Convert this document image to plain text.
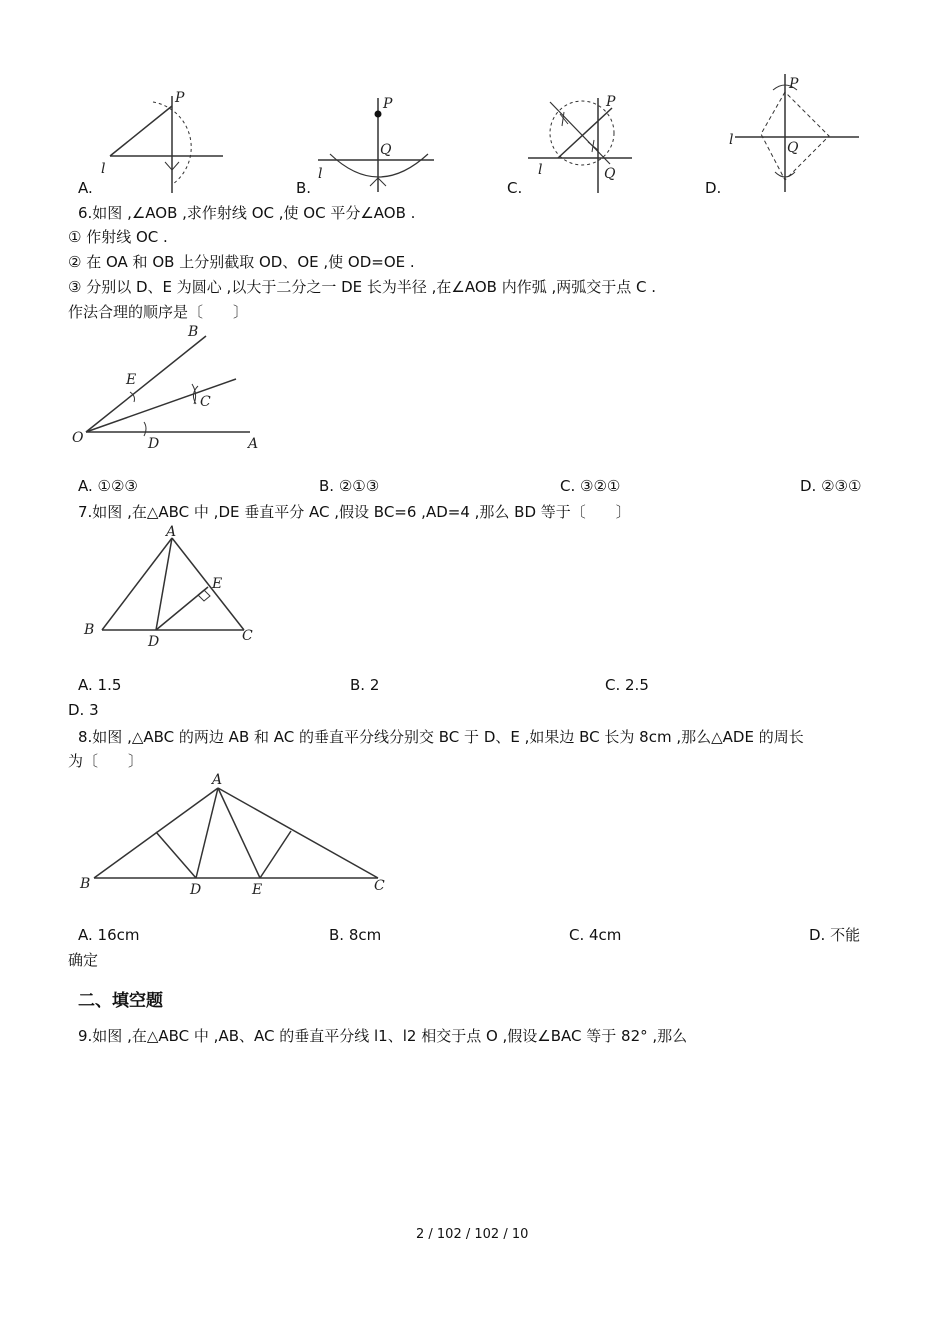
P
l
P
Q
l
P
Q
l
P
Q
l
A.	B.	C.	D.
6.如图 ,∠AOB ,求作射线 OC ,使 OC 平分∠AOB .
① 作射线 OC .
② 在 OA 和 OB 上分别截取 OD、OE ,使 OD=OE .
③ 分别以 D、E 为圆心 ,以大于二分之一 DE 长为半径 ,在∠AOB 内作弧 ,两弧交于点 C .
作法合理的顺序是〔　　〕
B
E
C
O	D	A
A. ①②③	B. ②①③	C. ③②①	D. ②③①
7.如图 ,在△ABC 中 ,DE 垂直平分 AC ,假设 BC=6 ,AD=4 ,那么 BD 等于〔　　〕
A
B	C
D
E
A. 1.5	B. 2	C. 2.5
D. 3
8.如图 ,△ABC 的两边 AB 和 AC 的垂直平分线分别交 BC 于 D、E ,如果边 BC 长为 8cm ,那么△ADE 的周长
为〔　　〕
A
B	C
D	E
A. 16cm	B. 8cm	C. 4cm	D. 不能
确定
二、填空题
9.如图 ,在△ABC 中 ,AB、AC 的垂直平分线 l1、l2 相交于点 O ,假设∠BAC 等于 82° ,那么
2 / 102 / 102 / 10
